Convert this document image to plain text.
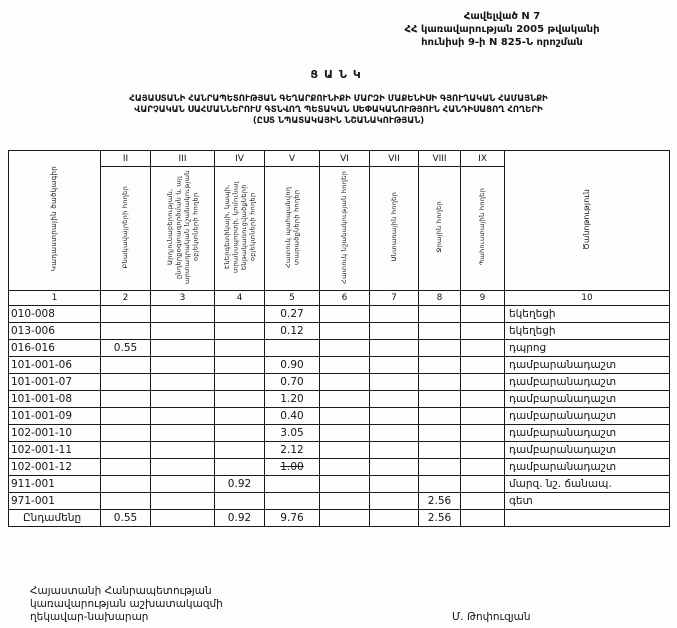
Հավելված N 7
ՀՀ կառավարության 2005 թվականի
հունիսի 9-ի N 825-Ն որոշման
ՑԱՆԿ
ՀԱՅԱՍՏԱՆԻ ՀԱՆՐԱՊԵՏՈՒԹՅԱՆ ԳԵՂԱՐՔՈՒՆԻՔԻ ՄԱՐԶԻ ՄԱՔԵՆԻՍԻ ԳՅՈՒՂԱԿԱՆ ՀԱՄԱՅՆՔԻ
ՎԱՐՉԱԿԱՆ ՍԱՀՄԱՆՆԵՐՈՒՄ ԳՏՆՎՈՂ ՊԵՏԱԿԱՆ ՍԵՓԱԿԱՆՈՒԹՅՈՒՆ ՀԱՆԴԻՍԱՑՈՂ ՀՈՂԵՐԻ
(ԸՍՏ ՆՊԱՏԱԿԱՅԻՆ ՆՇԱՆԱԿՈՒԹՅԱՆ)
Կադաստրային ծածկագիր	II	III	IV	V	VI	VII	VIII	IX	Ծանոթություն
	Բնակավայրերի հողեր	Արդյունաբերության, ընդերքօգտագործման և այլ արտադրական նշանակության օբյեկտների հողեր	Էներգետիկայի, կապի, տրանսպորտի, կոմունալ ենթակառուցվածքների օբյեկտների հողեր	Հատուկ պահպանվող տարածքների հողեր	Հատուկ նշանակության հողեր	Անտառային հողեր	Ջրային հողեր	Պահուստային հողեր	
1	2	3	4	5	6	7	8	9	10
010-008				0.27					եկեղեցի
013-006				0.12					եկեղեցի
016-016	0.55								դպրոց
101-001-06				0.90					դամբարանադաշտ
101-001-07				0.70					դամբարանադաշտ
101-001-08				1.20					դամբարանադաշտ
101-001-09				0.40					դամբարանադաշտ
102-001-10				3.05					դամբարանադաշտ
102-001-11				2.12					դամբարանադաշտ
102-001-12				1.00					դամբարանադաշտ
911-001			0.92						մարզ. նշ. ճանապ.
971-001							2.56		գետ
Ընդամենը	0.55		0.92	9.76			2.56		
Հայաստանի Հանրապետության
կառավարության աշխատակազմի
ղեկավար-նախարար	Մ. Թոփուզյան
